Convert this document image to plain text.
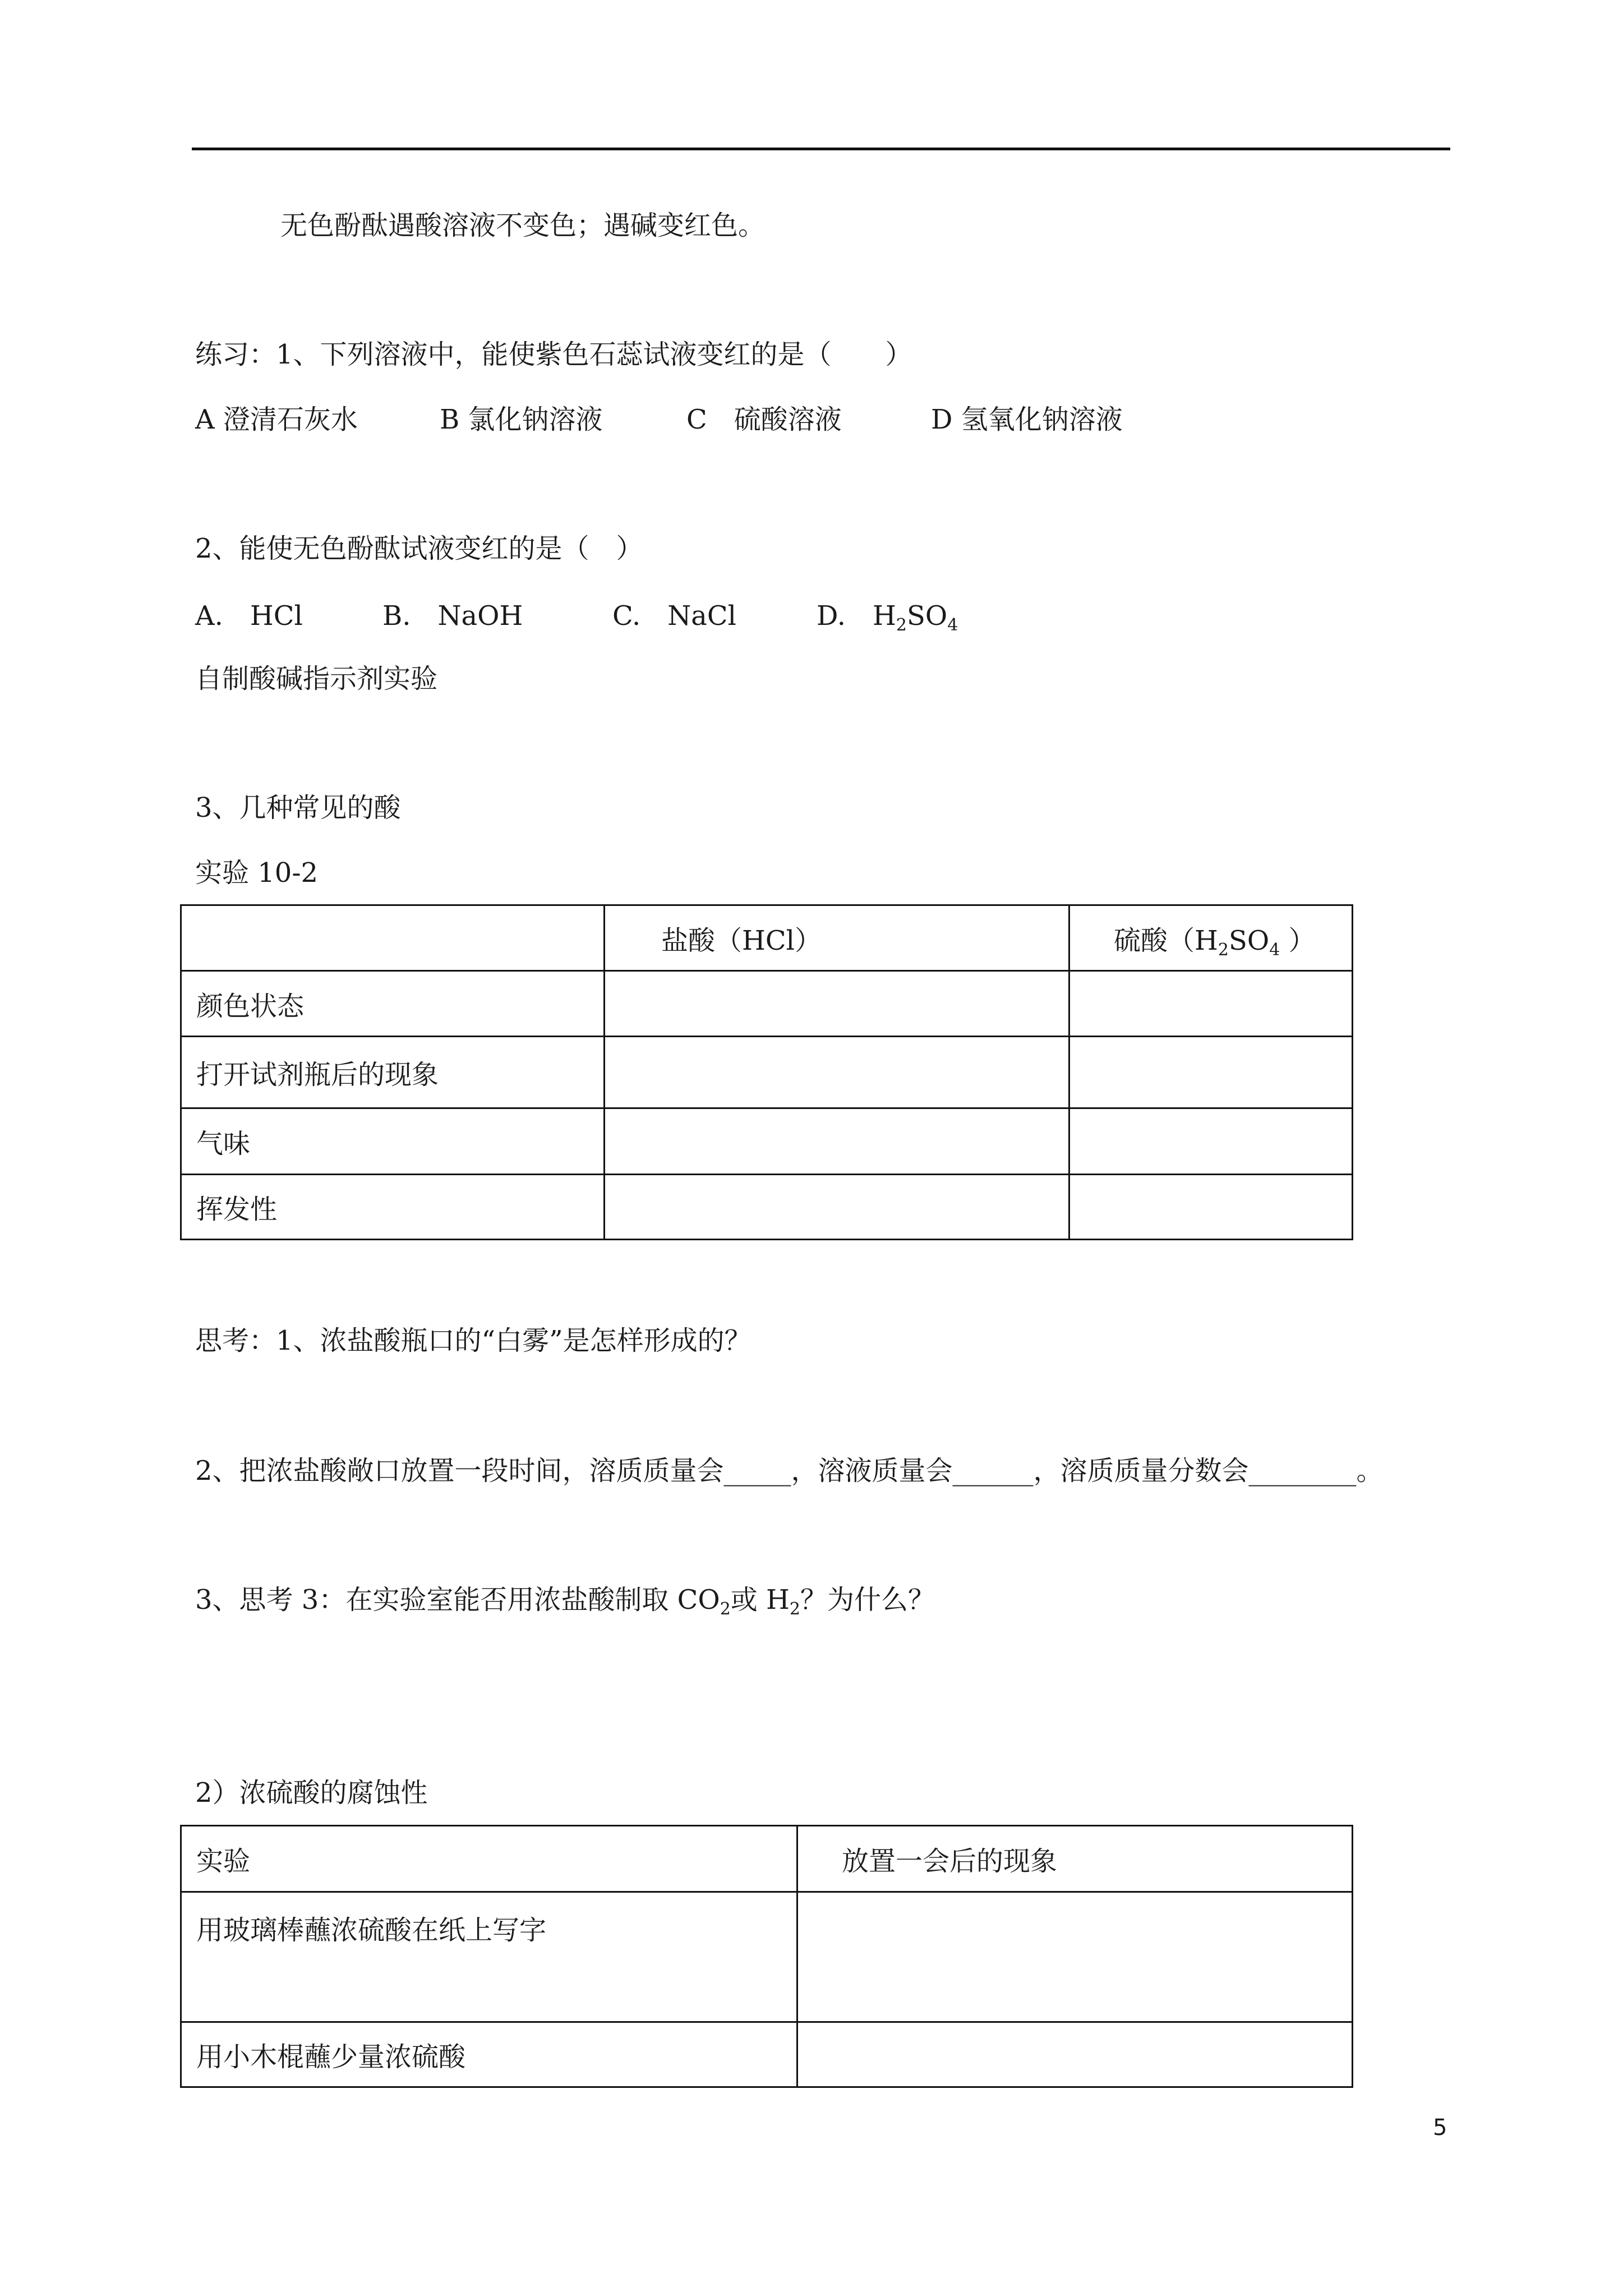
无色酚酞遇酸溶液不变色；遇碱变红色。
练习：1、下列溶液中，能使紫色石蕊试液变红的是（　　）
A 澄清石灰水	B 氯化钠溶液	C　硫酸溶液	D 氢氧化钠溶液
2、能使无色酚酞试液变红的是（　）
A.　HCl	B.　NaOH	C.　NaCl	D.　$H_2SO_4$
自制酸碱指示剂实验
3、几种常见的酸
实验 10-2
	盐酸（HCl）	硫酸（$H_2SO_4$ ）
颜色状态		
打开试剂瓶后的现象		
气味		
挥发性		
思考：1、浓盐酸瓶口的“白雾”是怎样形成的？
2、把浓盐酸敞口放置一段时间，溶质质量会_____，溶液质量会______，溶质质量分数会________。
3、思考 3：在实验室能否用浓盐酸制取 $CO_2$或 $H_2$？为什么？
2）浓硫酸的腐蚀性
实验	放置一会后的现象
用玻璃棒蘸浓硫酸在纸上写字	
用小木棍蘸少量浓硫酸	
5
